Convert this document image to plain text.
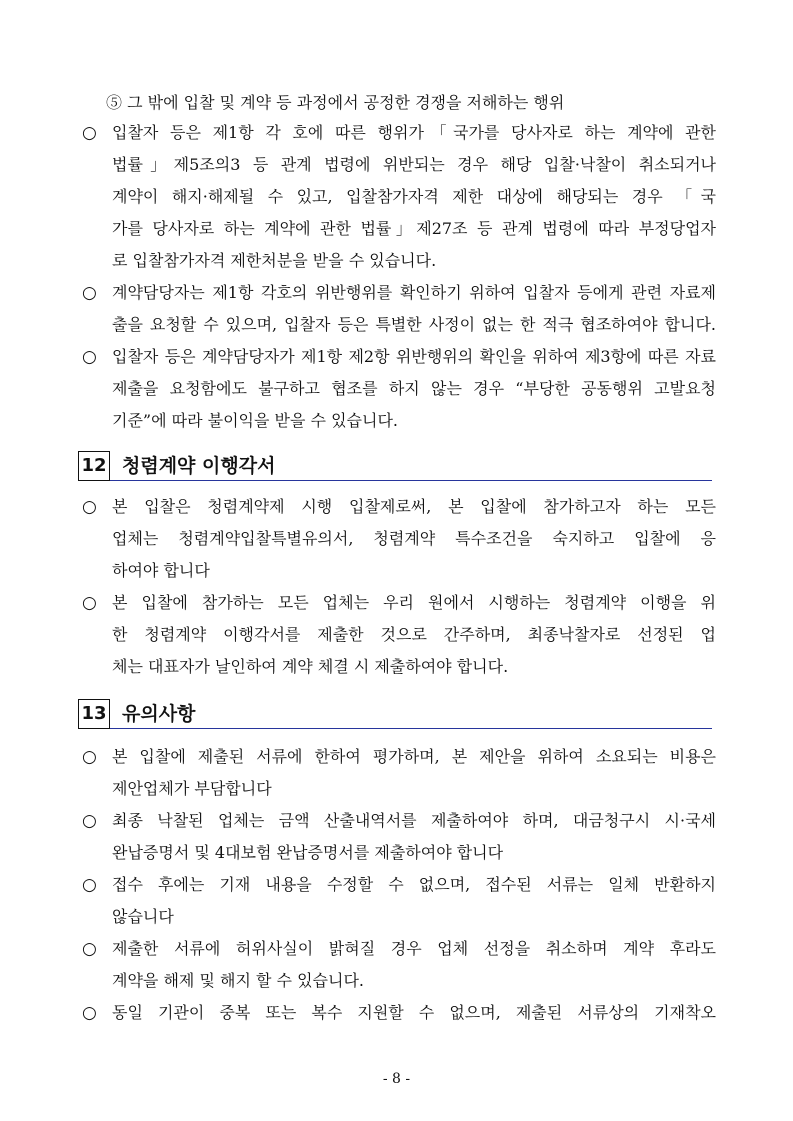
⑤ 그 밖에 입찰 및 계약 등 과정에서 공정한 경쟁을 저해하는 행위
○ 입찰자 등은 제1항 각 호에 따른 행위가「국가를 당사자로 하는 계약에 관한
법률」제5조의3 등 관계 법령에 위반되는 경우 해당 입찰·낙찰이 취소되거나
계약이 해지·해제될 수 있고, 입찰참가자격 제한 대상에 해당되는 경우 「국
가를 당사자로 하는 계약에 관한 법률」제27조 등 관계 법령에 따라 부정당업자
로 입찰참가자격 제한처분을 받을 수 있습니다.
○ 계약담당자는 제1항 각호의 위반행위를 확인하기 위하여 입찰자 등에게 관련 자료제
출을 요청할 수 있으며, 입찰자 등은 특별한 사정이 없는 한 적극 협조하여야 합니다.
○ 입찰자 등은 계약담당자가 제1항 제2항 위반행위의 확인을 위하여 제3항에 따른 자료
제출을 요청함에도 불구하고 협조를 하지 않는 경우 “부당한 공동행위 고발요청
기준”에 따라 불이익을 받을 수 있습니다.
12 청렴계약 이행각서
○ 본 입찰은 청렴계약제 시행 입찰제로써, 본 입찰에 참가하고자 하는 모든
업체는 청렴계약입찰특별유의서, 청렴계약 특수조건을 숙지하고 입찰에 응
하여야 합니다
○ 본 입찰에 참가하는 모든 업체는 우리 원에서 시행하는 청렴계약 이행을 위
한 청렴계약 이행각서를 제출한 것으로 간주하며, 최종낙찰자로 선정된 업
체는 대표자가 날인하여 계약 체결 시 제출하여야 합니다.
13 유의사항
○ 본 입찰에 제출된 서류에 한하여 평가하며, 본 제안을 위하여 소요되는 비용은
제안업체가 부담합니다
○ 최종 낙찰된 업체는 금액 산출내역서를 제출하여야 하며, 대금청구시 시·국세
완납증명서 및 4대보험 완납증명서를 제출하여야 합니다
○ 접수 후에는 기재 내용을 수정할 수 없으며, 접수된 서류는 일체 반환하지
않습니다
○ 제출한 서류에 허위사실이 밝혀질 경우 업체 선정을 취소하며 계약 후라도
계약을 해제 및 해지 할 수 있습니다.
○ 동일 기관이 중복 또는 복수 지원할 수 없으며, 제출된 서류상의 기재착오
- 8 -
